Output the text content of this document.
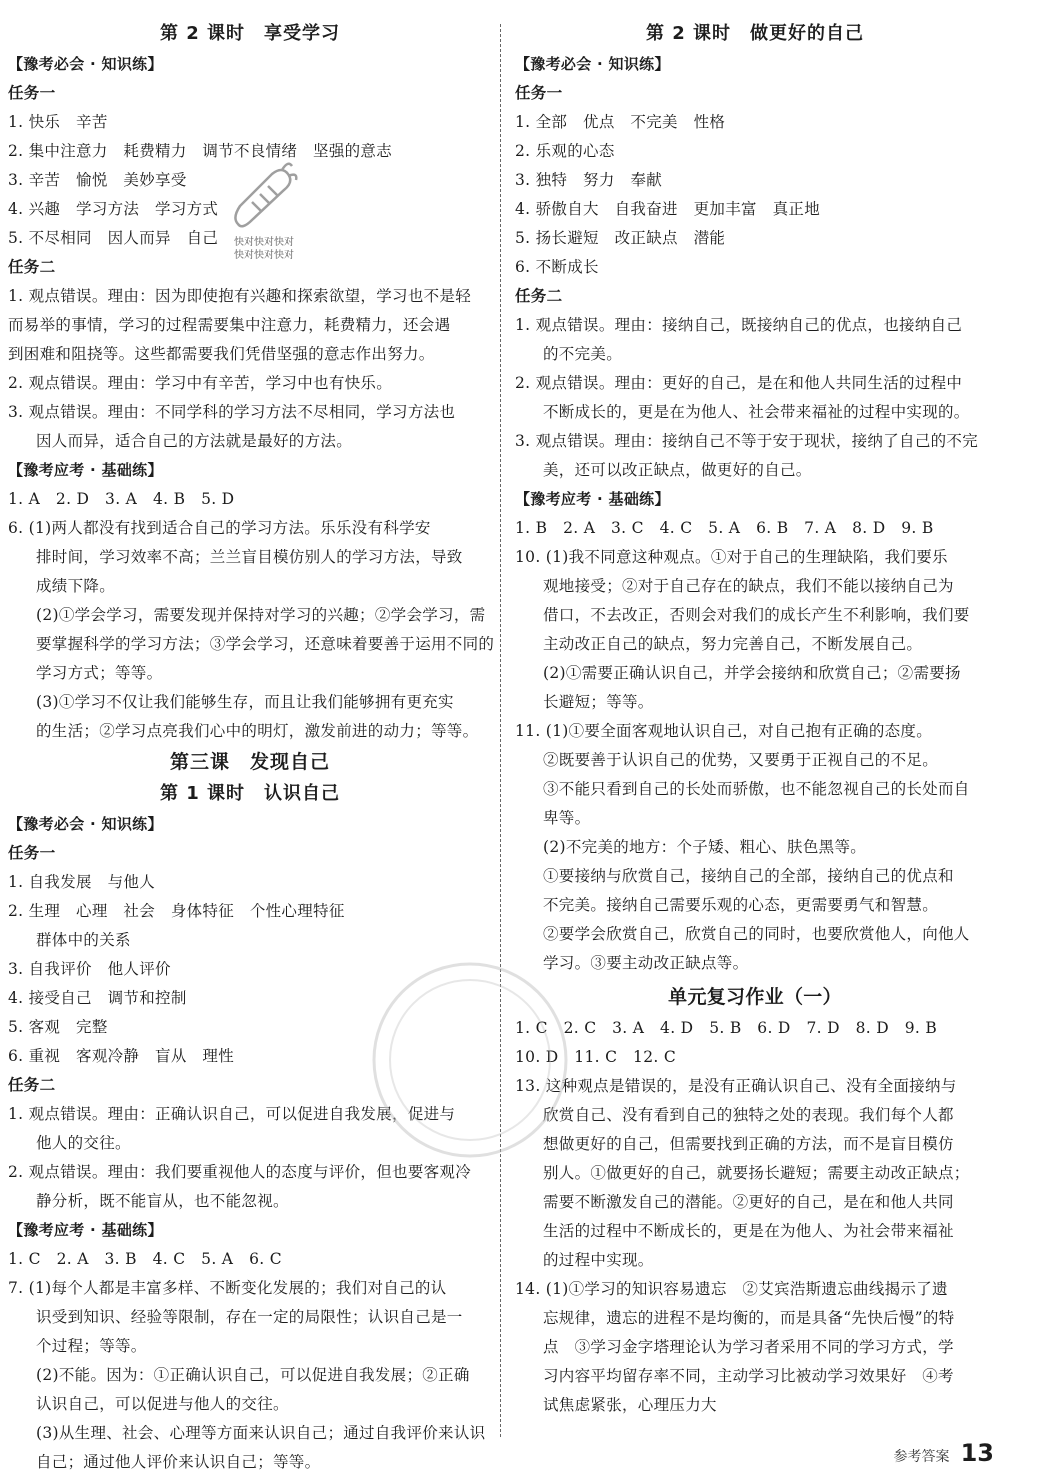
第 2 课时　享受学习
【豫考必会 · 知识练】
任务一
1. 快乐　辛苦
2. 集中注意力　耗费精力　调节不良情绪　坚强的意志
3. 辛苦　愉悦　美妙享受
4. 兴趣　学习方法　学习方式
5. 不尽相同　因人而异　自己
任务二
1. 观点错误。理由：因为即使抱有兴趣和探索欲望，学习也不是轻
而易举的事情，学习的过程需要集中注意力，耗费精力，还会遇
到困难和阻挠等。这些都需要我们凭借坚强的意志作出努力。
2. 观点错误。理由：学习中有辛苦，学习中也有快乐。
3. 观点错误。理由：不同学科的学习方法不尽相同，学习方法也
因人而异，适合自己的方法就是最好的方法。
【豫考应考 · 基础练】
1. A　2. D　3. A　4. B　5. D
6. (1)两人都没有找到适合自己的学习方法。乐乐没有科学安
排时间，学习效率不高；兰兰盲目模仿别人的学习方法，导致
成绩下降。
(2)①学会学习，需要发现并保持对学习的兴趣；②学会学习，需
要掌握科学的学习方法；③学会学习，还意味着要善于运用不同的
学习方式；等等。
(3)①学习不仅让我们能够生存，而且让我们能够拥有更充实
的生活；②学习点亮我们心中的明灯，激发前进的动力；等等。
第三课　发现自己
第 1 课时　认识自己
【豫考必会 · 知识练】
任务一
1. 自我发展　与他人
2. 生理　心理　社会　身体特征　个性心理特征
群体中的关系
3. 自我评价　他人评价
4. 接受自己　调节和控制
5. 客观　完整
6. 重视　客观冷静　盲从　理性
任务二
1. 观点错误。理由：正确认识自己，可以促进自我发展，促进与
他人的交往。
2. 观点错误。理由：我们要重视他人的态度与评价，但也要客观冷
静分析，既不能盲从，也不能忽视。
【豫考应考 · 基础练】
1. C　2. A　3. B　4. C　5. A　6. C
7. (1)每个人都是丰富多样、不断变化发展的；我们对自己的认
识受到知识、经验等限制，存在一定的局限性；认识自己是一
个过程；等等。
(2)不能。因为：①正确认识自己，可以促进自我发展；②正确
认识自己，可以促进与他人的交往。
(3)从生理、社会、心理等方面来认识自己；通过自我评价来认识
自己；通过他人评价来认识自己；等等。
第 2 课时　做更好的自己
【豫考必会 · 知识练】
任务一
1. 全部　优点　不完美　性格
2. 乐观的心态
3. 独特　努力　奉献
4. 骄傲自大　自我奋进　更加丰富　真正地
5. 扬长避短　改正缺点　潜能
6. 不断成长
任务二
1. 观点错误。理由：接纳自己，既接纳自己的优点，也接纳自己
的不完美。
2. 观点错误。理由：更好的自己，是在和他人共同生活的过程中
不断成长的，更是在为他人、社会带来福祉的过程中实现的。
3. 观点错误。理由：接纳自己不等于安于现状，接纳了自己的不完
美，还可以改正缺点，做更好的自己。
【豫考应考 · 基础练】
1. B　2. A　3. C　4. C　5. A　6. B　7. A　8. D　9. B
10. (1)我不同意这种观点。①对于自己的生理缺陷，我们要乐
观地接受；②对于自己存在的缺点，我们不能以接纳自己为
借口，不去改正，否则会对我们的成长产生不利影响，我们要
主动改正自己的缺点，努力完善自己，不断发展自己。
(2)①需要正确认识自己，并学会接纳和欣赏自己；②需要扬
长避短；等等。
11. (1)①要全面客观地认识自己，对自己抱有正确的态度。
②既要善于认识自己的优势，又要勇于正视自己的不足。
③不能只看到自己的长处而骄傲，也不能忽视自己的长处而自
卑等。
(2)不完美的地方：个子矮、粗心、肤色黑等。
①要接纳与欣赏自己，接纳自己的全部，接纳自己的优点和
不完美。接纳自己需要乐观的心态，更需要勇气和智慧。
②要学会欣赏自己，欣赏自己的同时，也要欣赏他人，向他人
学习。③要主动改正缺点等。
单元复习作业（一）
1. C　2. C　3. A　4. D　5. B　6. D　7. D　8. D　9. B
10. D　11. C　12. C
13. 这种观点是错误的，是没有正确认识自己、没有全面接纳与
欣赏自己、没有看到自己的独特之处的表现。我们每个人都
想做更好的自己，但需要找到正确的方法，而不是盲目模仿
别人。①做更好的自己，就要扬长避短；需要主动改正缺点；
需要不断激发自己的潜能。②更好的自己，是在和他人共同
生活的过程中不断成长的，更是在为他人、为社会带来福祉
的过程中实现。
14. (1)①学习的知识容易遗忘　②艾宾浩斯遗忘曲线揭示了遗
忘规律，遗忘的进程不是均衡的，而是具备“先快后慢”的特
点　③学习金字塔理论认为学习者采用不同的学习方式，学
习内容平均留存率不同，主动学习比被动学习效果好　④考
试焦虑紧张，心理压力大
快对快对快对
快对快对快对
参考答案 13
